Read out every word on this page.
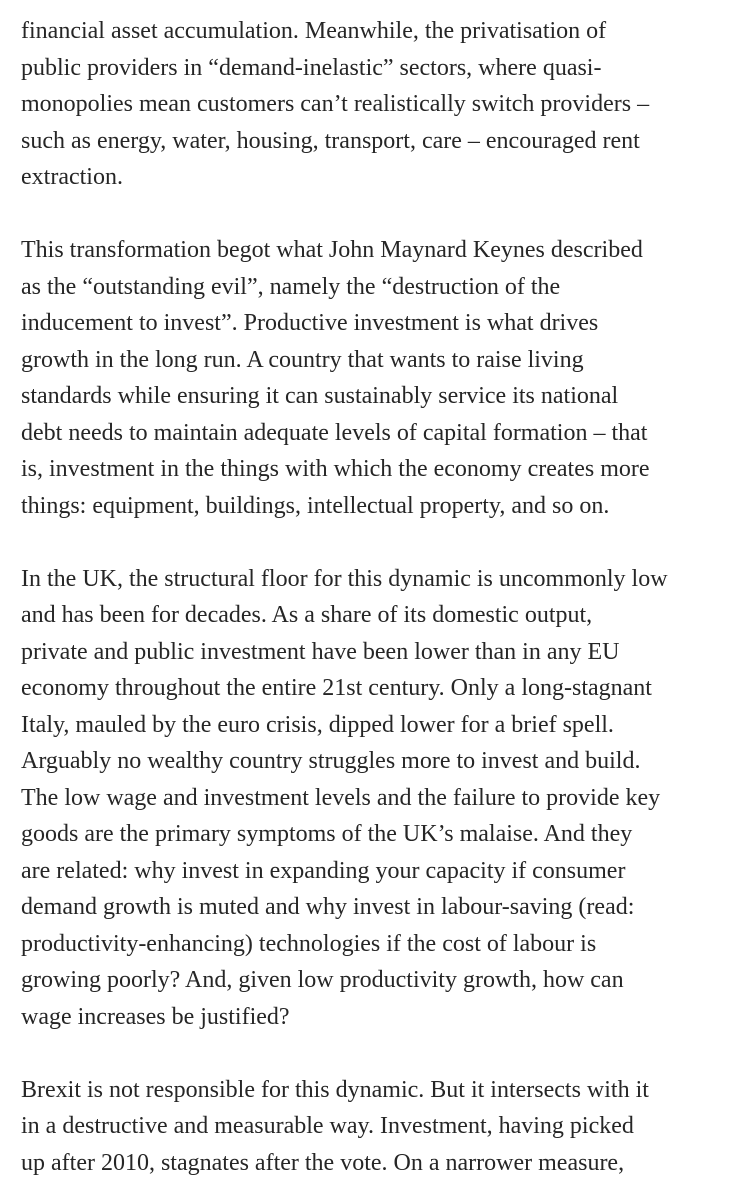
financial asset accumulation. Meanwhile, the privatisation of
public providers in “demand-inelastic” sectors, where quasi-
monopolies mean customers can’t realistically switch providers –
such as energy, water, housing, transport, care – encouraged rent
extraction.

This transformation begot what John Maynard Keynes described
as the “outstanding evil”, namely the “destruction of the
inducement to invest”. Productive investment is what drives
growth in the long run. A country that wants to raise living
standards while ensuring it can sustainably service its national
debt needs to maintain adequate levels of capital formation – that
is, investment in the things with which the economy creates more
things: equipment, buildings, intellectual property, and so on.

In the UK, the structural floor for this dynamic is uncommonly low
and has been for decades. As a share of its domestic output,
private and public investment have been lower than in any EU
economy throughout the entire 21st century. Only a long-stagnant
Italy, mauled by the euro crisis, dipped lower for a brief spell.
Arguably no wealthy country struggles more to invest and build.
The low wage and investment levels and the failure to provide key
goods are the primary symptoms of the UK’s malaise. And they
are related: why invest in expanding your capacity if consumer
demand growth is muted and why invest in labour-saving (read:
productivity-enhancing) technologies if the cost of labour is
growing poorly? And, given low productivity growth, how can
wage increases be justified?

Brexit is not responsible for this dynamic. But it intersects with it
in a destructive and measurable way. Investment, having picked
up after 2010, stagnates after the vote. On a narrower measure,
